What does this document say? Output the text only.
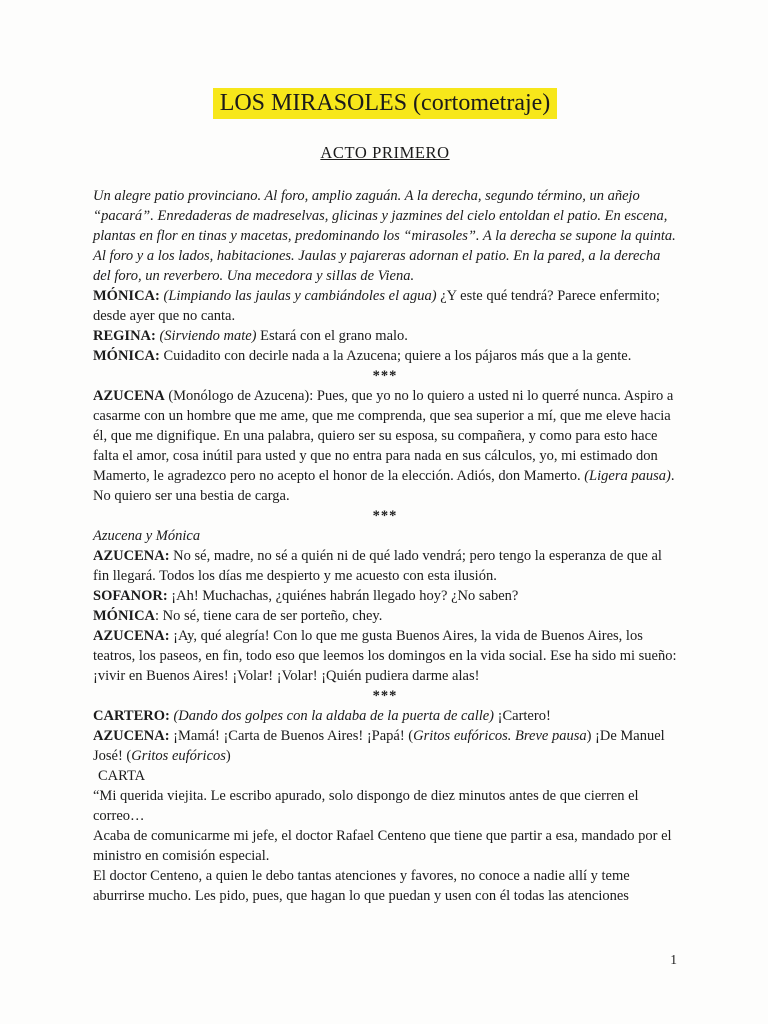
LOS MIRASOLES (cortometraje)
ACTO PRIMERO

Un alegre patio provinciano. Al foro, amplio zaguán. A la derecha, segundo término, un añejo “pacará”. Enredaderas de madreselvas, glicinas y jazmines del cielo entoldan el patio. En escena, plantas en flor en tinas y macetas, predominando los “mirasoles”. A la derecha se supone la quinta. Al foro y a los lados, habitaciones. Jaulas y pajareras adornan el patio. En la pared, a la derecha del foro, un reverbero. Una mecedora y sillas de Viena.

MÓNICA: (Limpiando las jaulas y cambiándoles el agua) ¿Y este qué tendrá? Parece enfermito; desde ayer que no canta.

REGINA: (Sirviendo mate) Estará con el grano malo.

MÓNICA: Cuidadito con decirle nada a la Azucena; quiere a los pájaros más que a la gente.

***

AZUCENA (Monólogo de Azucena): Pues, que yo no lo quiero a usted ni lo querré nunca. Aspiro a casarme con un hombre que me ame, que me comprenda, que sea superior a mí, que me eleve hacia él, que me dignifique. En una palabra, quiero ser su esposa, su compañera, y como para esto hace falta el amor, cosa inútil para usted y que no entra para nada en sus cálculos, yo, mi estimado don Mamerto, le agradezco pero no acepto el honor de la elección. Adiós, don Mamerto. (Ligera pausa). No quiero ser una bestia de carga.

***

Azucena y Mónica

AZUCENA: No sé, madre, no sé a quién ni de qué lado vendrá; pero tengo la esperanza de que al fin llegará. Todos los días me despierto y me acuesto con esta ilusión.

SOFANOR: ¡Ah! Muchachas, ¿quiénes habrán llegado hoy? ¿No saben?

MÓNICA: No sé, tiene cara de ser porteño, chey.

AZUCENA: ¡Ay, qué alegría! Con lo que me gusta Buenos Aires, la vida de Buenos Aires, los teatros, los paseos, en fin, todo eso que leemos los domingos en la vida social. Ese ha sido mi sueño: ¡vivir en Buenos Aires! ¡Volar! ¡Volar! ¡Quién pudiera darme alas!

***

CARTERO: (Dando dos golpes con la aldaba de la puerta de calle) ¡Cartero!

AZUCENA: ¡Mamá! ¡Carta de Buenos Aires! ¡Papá! (Gritos eufóricos. Breve pausa) ¡De Manuel José! (Gritos eufóricos)

CARTA

“Mi querida viejita. Le escribo apurado, solo dispongo de diez minutos antes de que cierren el correo…

Acaba de comunicarme mi jefe, el doctor Rafael Centeno que tiene que partir a esa, mandado por el ministro en comisión especial.

El doctor Centeno, a quien le debo tantas atenciones y favores, no conoce a nadie allí y teme aburrirse mucho. Les pido, pues, que hagan lo que puedan y usen con él todas las atenciones

1
